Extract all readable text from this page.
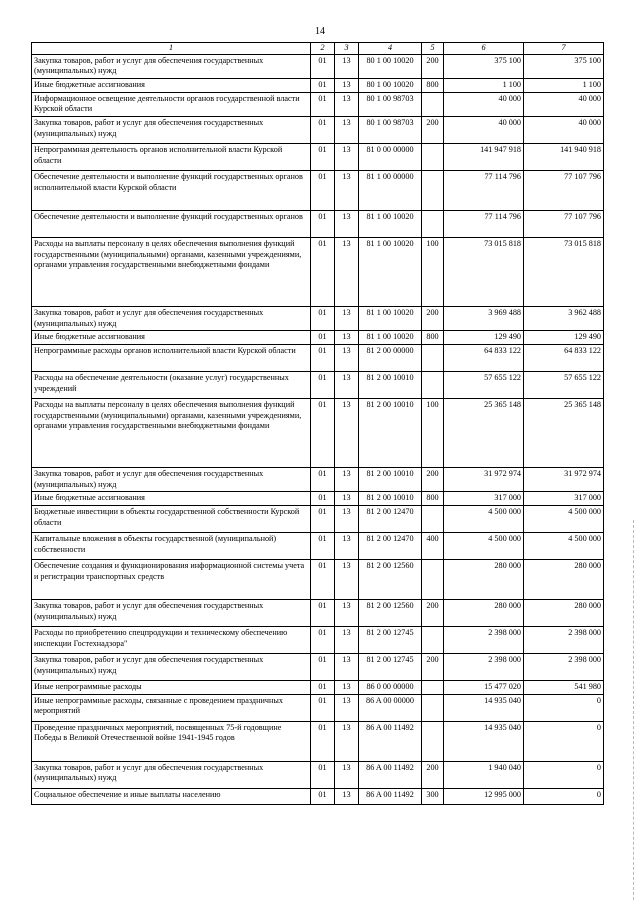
14
1	2	3	4	5	6	7
Закупка товаров, работ и услуг для обеспечения государственных (муниципальных) нужд	01	13	80 1 00 10020	200	375 100	375 100
Иные бюджетные ассигнования	01	13	80 1 00 10020	800	1 100	1 100
Информационное освещение деятельности органов государственной власти Курской области	01	13	80 1 00 98703		40 000	40 000
Закупка товаров, работ и услуг для обеспечения государственных (муниципальных) нужд	01	13	80 1 00 98703	200	40 000	40 000
Непрограммная деятельность органов исполнительной власти Курской области	01	13	81 0 00 00000		141 947 918	141 940 918
Обеспечение деятельности и выполнение функций государственных органов исполнительной власти Курской области	01	13	81 1 00 00000		77 114 796	77 107 796
Обеспечение деятельности и выполнение функций государственных органов	01	13	81 1 00 10020		77 114 796	77 107 796
Расходы на выплаты персоналу в целях обеспечения выполнения функций государственными (муниципальными) органами, казенными учреждениями, органами управления государственными внебюджетными фондами	01	13	81 1 00 10020	100	73 015 818	73 015 818
Закупка товаров, работ и услуг для обеспечения государственных (муниципальных) нужд	01	13	81 1 00 10020	200	3 969 488	3 962 488
Иные бюджетные ассигнования	01	13	81 1 00 10020	800	129 490	129 490
Непрограммные расходы органов исполнительной власти Курской области	01	13	81 2 00 00000		64 833 122	64 833 122
Расходы на обеспечение деятельности (оказание услуг) государственных учреждений	01	13	81 2 00 10010		57 655 122	57 655 122
Расходы на выплаты персоналу в целях обеспечения выполнения функций государственными (муниципальными) органами, казенными учреждениями, органами управления государственными внебюджетными фондами	01	13	81 2 00 10010	100	25 365 148	25 365 148
Закупка товаров, работ и услуг для обеспечения государственных (муниципальных) нужд	01	13	81 2 00 10010	200	31 972 974	31 972 974
Иные бюджетные ассигнования	01	13	81 2 00 10010	800	317 000	317 000
Бюджетные инвестиции в объекты государственной собственности Курской области	01	13	81 2 00 12470		4 500 000	4 500 000
Капитальные вложения в объекты государственной (муниципальной) собственности	01	13	81 2 00 12470	400	4 500 000	4 500 000
Обеспечение создания и функционирования информационной системы учета и регистрации транспортных средств	01	13	81 2 00 12560		280 000	280 000
Закупка товаров, работ и услуг для обеспечения государственных (муниципальных) нужд	01	13	81 2 00 12560	200	280 000	280 000
Расходы по приобретению спецпродукции и техническому обеспечению инспекции Гостехнадзора"	01	13	81 2 00 12745		2 398 000	2 398 000
Закупка товаров, работ и услуг для обеспечения государственных (муниципальных) нужд	01	13	81 2 00 12745	200	2 398 000	2 398 000
Иные непрограммные расходы	01	13	86 0 00 00000		15 477 020	541 980
Иные непрограммные расходы, связанные с проведением праздничных мероприятий	01	13	86 A 00 00000		14 935 040	0
Проведение праздничных мероприятий, посвященных 75-й годовщине Победы в Великой Отечественной войне 1941-1945 годов	01	13	86 A 00 11492		14 935 040	0
Закупка товаров, работ и услуг для обеспечения государственных (муниципальных) нужд	01	13	86 A 00 11492	200	1 940 040	0
Социальное обеспечение и иные выплаты населению	01	13	86 A 00 11492	300	12 995 000	0
